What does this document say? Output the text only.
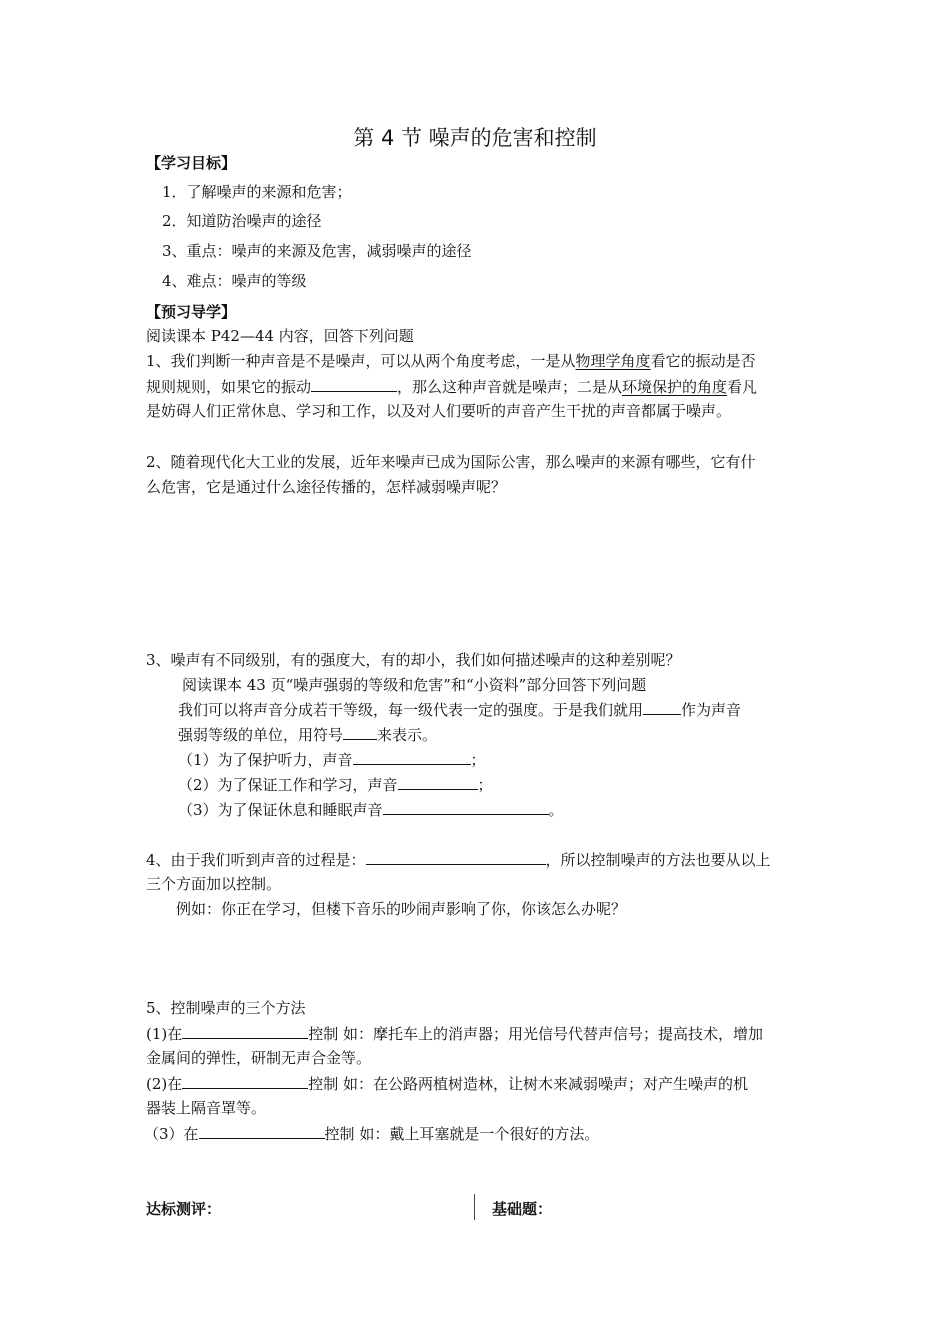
第 4 节 噪声的危害和控制
【学习目标】
1．了解噪声的来源和危害；
2．知道防治噪声的途径
3、重点：噪声的来源及危害，减弱噪声的途径
4、难点：噪声的等级
【预习导学】
阅读课本 P42—44 内容，回答下列问题
1、我们判断一种声音是不是噪声，可以从两个角度考虑，一是从物理学角度看它的振动是否
规则规则，如果它的振动	，那么这种声音就是噪声；二是从环境保护的角度看凡
是妨碍人们正常休息、学习和工作，以及对人们要听的声音产生干扰的声音都属于噪声。
2、随着现代化大工业的发展，近年来噪声已成为国际公害，那么噪声的来源有哪些，它有什
么危害，它是通过什么途径传播的，怎样减弱噪声呢？
3、噪声有不同级别，有的强度大，有的却小，我们如何描述噪声的这种差别呢？
阅读课本 43 页“噪声强弱的等级和危害”和“小资料”部分回答下列问题
我们可以将声音分成若干等级，每一级代表一定的强度。于是我们就用	作为声音
强弱等级的单位，用符号 来表示。
（1）为了保护听力，声音	；
（2）为了保证工作和学习，声音	；
（3）为了保证休息和睡眠声音	。
4、由于我们听到声音的过程是：	，所以控制噪声的方法也要从以上
三个方面加以控制。
例如：你正在学习，但楼下音乐的吵闹声影响了你，你该怎么办呢？
5、控制噪声的三个方法
(1)在	控制 如：摩托车上的消声器；用光信号代替声信号；提高技术，增加
金属间的弹性，研制无声合金等。
(2)在	控制 如：在公路两植树造林，让树木来减弱噪声；对产生噪声的机
器装上隔音罩等。
（3）在	控制 如：戴上耳塞就是一个很好的方法。
达标测评：	基础题：
